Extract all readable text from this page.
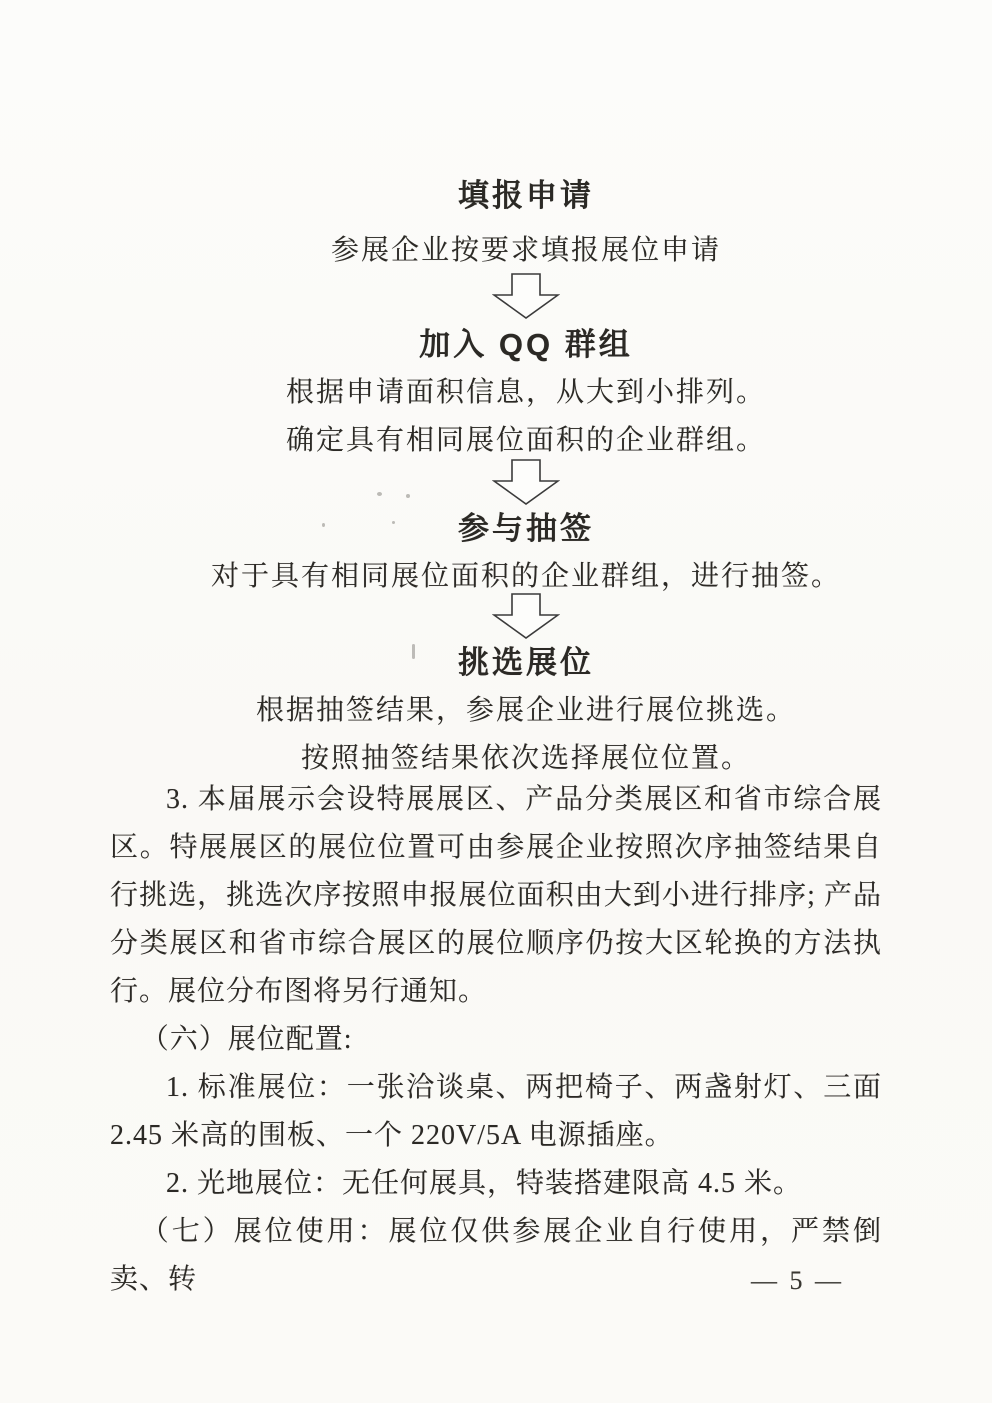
填报申请
参展企业按要求填报展位申请
加入 QQ 群组
根据申请面积信息，从大到小排列。
确定具有相同展位面积的企业群组。
参与抽签
对于具有相同展位面积的企业群组，进行抽签。
挑选展位
根据抽签结果，参展企业进行展位挑选。
按照抽签结果依次选择展位位置。

3. 本届展示会设特展展区、产品分类展区和省市综合展区。特展展区的展位位置可由参展企业按照次序抽签结果自行挑选，挑选次序按照申报展位面积由大到小进行排序; 产品分类展区和省市综合展区的展位顺序仍按大区轮换的方法执行。展位分布图将另行通知。

（六）展位配置:

1. 标准展位：一张洽谈桌、两把椅子、两盏射灯、三面 2.45 米高的围板、一个 220V/5A 电源插座。

2. 光地展位：无任何展具，特装搭建限高 4.5 米。

（七）展位使用：展位仅供参展企业自行使用，严禁倒卖、转	— 5 —
